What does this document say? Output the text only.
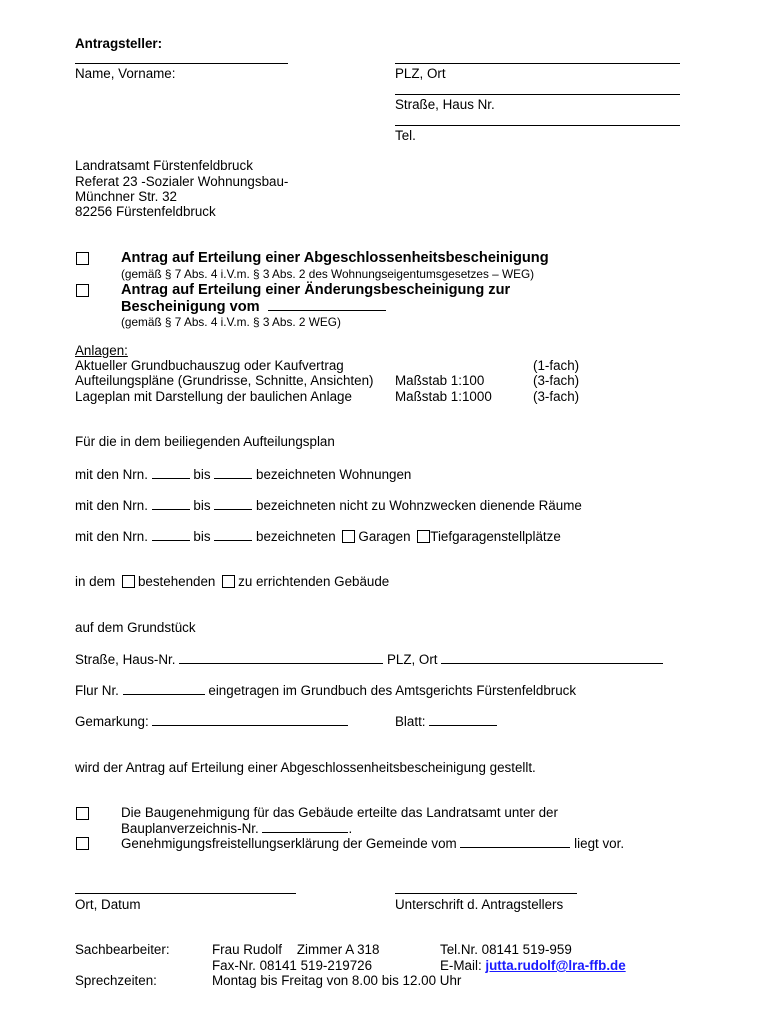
Antragsteller:
Name, Vorname:	PLZ, Ort
Straße, Haus Nr.
Tel.
Landratsamt Fürstenfeldbruck
Referat 23 -Sozialer Wohnungsbau-
Münchner Str. 32
82256 Fürstenfeldbruck
Antrag auf Erteilung einer Abgeschlossenheitsbescheinigung
(gemäß § 7 Abs. 4 i.V.m. § 3 Abs. 2 des Wohnungseigentumsgesetzes – WEG)
Antrag auf Erteilung einer Änderungsbescheinigung zur
Bescheinigung vom
(gemäß § 7 Abs. 4 i.V.m. § 3 Abs. 2 WEG)
Anlagen:
Aktueller Grundbuchauszug oder Kaufvertrag	(1-fach)
Aufteilungspläne (Grundrisse, Schnitte, Ansichten) Maßstab 1:100	(3-fach)
Lageplan mit Darstellung der baulichen Anlage	Maßstab 1:1000	(3-fach)
Für die in dem beiliegenden Aufteilungsplan
mit den Nrn.	bis	bezeichneten Wohnungen
mit den Nrn.	bis	bezeichneten nicht zu Wohnzwecken dienende Räume
mit den Nrn.	bis	bezeichneten Garagen Tiefgaragenstellplätze
in dem bestehenden zu errichtenden Gebäude
auf dem Grundstück
Straße, Haus-Nr.	PLZ, Ort
Flur Nr.	eingetragen im Grundbuch des Amtsgerichts Fürstenfeldbruck
Gemarkung:	Blatt:
wird der Antrag auf Erteilung einer Abgeschlossenheitsbescheinigung gestellt.
Die Baugenehmigung für das Gebäude erteilte das Landratsamt unter der
Bauplanverzeichnis-Nr.	.
Genehmigungsfreistellungserklärung der Gemeinde vom	liegt vor.
Ort, Datum	Unterschrift d. Antragstellers
Sachbearbeiter:	Frau Rudolf    Zimmer A 318	Tel.Nr. 08141 519-959
Fax-Nr. 08141 519-219726	E-Mail: jutta.rudolf@lra-ffb.de
Sprechzeiten:	Montag bis Freitag von 8.00 bis 12.00 Uhr
